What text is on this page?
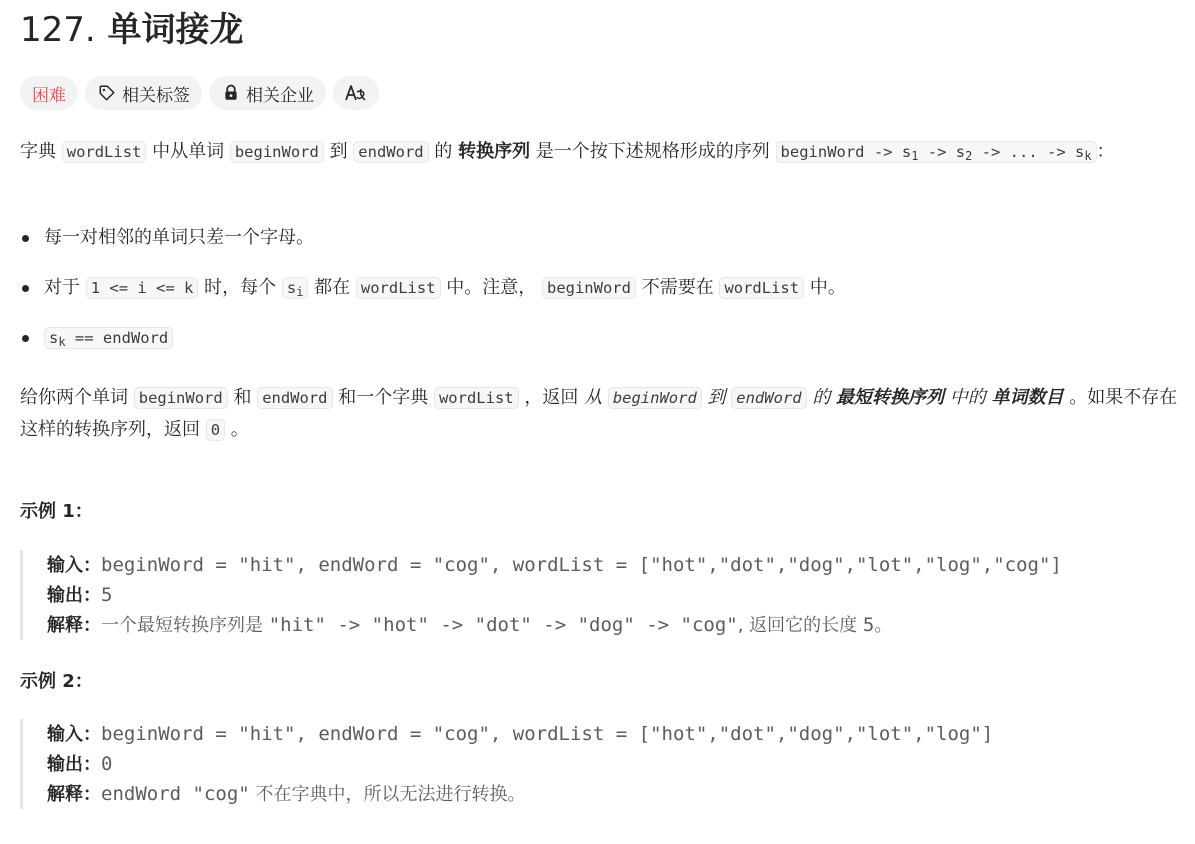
127. 单词接龙
困难	相关标签	相关企业

字典 wordList 中从单词 beginWord 到 endWord 的 转换序列 是一个按下述规格形成的序列 beginWord -> $s_1 -> s_2$ -> ... -> $s_k$ ：

每一对相邻的单词只差一个字母。
对于 1 <= i <= k 时，每个 $s_i$ 都在 wordList 中。注意， beginWord 不需要在 wordList 中。
$s_k$ == endWord

给你两个单词 beginWord 和 endWord 和一个字典 wordList ，返回 从 beginWord 到 endWord 的 最短转换序列 中的 单词数目 。如果不存在这样的转换序列，返回 0 。

示例 1：
输入：beginWord = "hit", endWord = "cog", wordList = ["hot","dot","dog","lot","log","cog"]
输出：5
解释：一个最短转换序列是 "hit" -> "hot" -> "dot" -> "dog" -> "cog", 返回它的长度 5。
示例 2：
输入：beginWord = "hit", endWord = "cog", wordList = ["hot","dot","dog","lot","log"]
输出：0
解释：endWord "cog" 不在字典中，所以无法进行转换。
